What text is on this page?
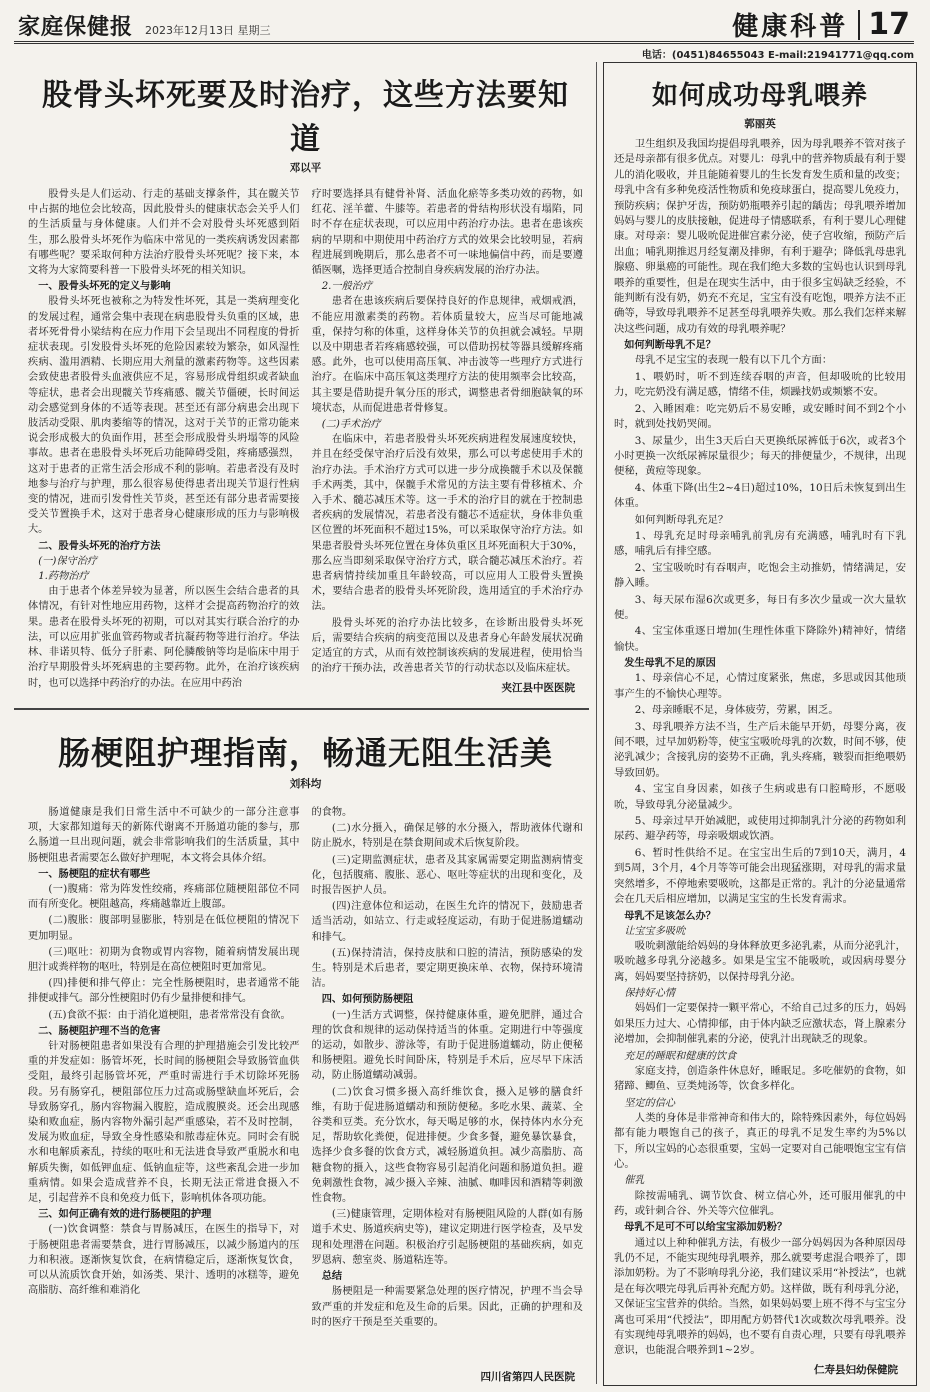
家庭保健报 2023年12月13日 星期三	健康科普 17
电话：(0451)84655043 E-mail:21941771@qq.com
股骨头坏死要及时治疗，这些方法要知道
邓以平
股骨头是人们运动、行走的基础支撑条件，其在髋关节中占据的地位会比较高，因此股骨头的健康状态会关乎人们的生活质量与身体健康。人们并不会对股骨头坏死感到陌生，那么股骨头坏死作为临床中常见的一类疾病诱发因素都有哪些呢？要采取何种方法治疗股骨头坏死呢？接下来，本文将为大家简要科普一下股骨头坏死的相关知识。
一、股骨头坏死的定义与影响
股骨头坏死也被称之为特发性坏死，其是一类病理变化的发展过程，通常会集中表现在病患股骨头负重的区域，患者坏死骨骨小梁结构在应力作用下会呈现出不同程度的骨折症状表现。引发股骨头坏死的危险因素较为繁杂，如风湿性疾病、滥用酒精、长期应用大剂量的激素药物等。这些因素会致使患者股骨头血液供应不足，容易形成骨组织或者缺血等症状，患者会出现髋关节疼痛感、髋关节僵硬，长时间运动会感觉到身体的不适等表现。甚至还有部分病患会出现下肢活动受限、肌肉萎缩等的情况，这对于关节的正常功能来说会形成极大的负面作用，甚至会形成股骨头坍塌等的风险事故。患者在患股骨头坏死后功能障碍受阻，疼痛感强烈，这对于患者的正常生活会形成不利的影响。若患者没有及时地参与治疗与护理，那么很容易使得患者出现关节退行性病变的情况，进而引发骨性关节炎，甚至还有部分患者需要接受关节置换手术，这对于患者身心健康形成的压力与影响极大。
二、股骨头坏死的治疗方法
(一)保守治疗
1.药物治疗
由于患者个体差异较为显著，所以医生会结合患者的具体情况，有针对性地应用药物，这样才会提高药物治疗的效果。患者在股骨头坏死的初期，可以对其实行联合治疗的办法，可以应用扩张血管药物或者抗凝药物等进行治疗。华法林、非诺贝特、低分子肝素、阿伦膦酸钠等均是临床中用于治疗早期股骨头坏死病患的主要药物。此外，在治疗该疾病时，也可以选择中药治疗的办法。在应用中药治
疗时要选择具有健骨补肾、活血化瘀等多类功效的药物，如红花、淫羊藿、牛膝等。若患者的骨结构形状没有塌陷，同时不存在症状表现，可以应用中药治疗办法。患者在患该疾病的早期和中期使用中药治疗方式的效果会比较明显，若病程进展到晚期后，那么患者不可一味地偏信中药，而是要遵循医嘱，选择更适合控制自身疾病发展的治疗办法。
2.一般治疗
患者在患该疾病后要保持良好的作息规律，戒烟戒酒，不能应用激素类的药物。若体质量较大，应当尽可能地减重，保持匀称的体重，这样身体关节的负担就会减轻。早期以及中期患者若疼痛感较强，可以借助拐杖等器具缓解疼痛感。此外，也可以使用高压氧、冲击波等一些理疗方式进行治疗。在临床中高压氧这类理疗方法的使用频率会比较高，其主要是借助提升氧分压的形式，调整患者骨细胞缺氧的环境状态，从而促进患者骨修复。
(二)手术治疗
在临床中，若患者股骨头坏死疾病进程发展速度较快，并且在经受保守治疗后没有效果，那么可以考虑使用手术的治疗办法。手术治疗方式可以进一步分成换髋手术以及保髋手术两类，其中，保髋手术常见的方法主要有骨移植术、介入手术、髓芯减压术等。这一手术的治疗目的就在于控制患者疾病的发展情况，若患者没有髓芯不适症状，身体非负重区位置的坏死面积不超过15%，可以采取保守治疗方法。如果患者股骨头坏死位置在身体负重区且坏死面积大于30%，那么应当即刻采取保守治疗方式，联合髓芯减压术治疗。若患者病情持续加重且年龄较高，可以应用人工股骨头置换术，要结合患者的股骨头坏死阶段，选用适宜的手术治疗办法。
股骨头坏死的治疗办法比较多，在诊断出股骨头坏死后，需要结合疾病的病变范围以及患者身心年龄发展状况确定适宜的方式，从而有效控制该疾病的发展进程，使用恰当的治疗干预办法，改善患者关节的行动状态以及临床症状。
夹江县中医医院
肠梗阻护理指南，畅通无阻生活美
刘科均
肠道健康是我们日常生活中不可缺少的一部分注意事项，大家都知道每天的新陈代谢离不开肠道功能的参与，那么肠道一旦出现问题，就会非常影响我们的生活质量，其中肠梗阻患者需要怎么做好护理呢，本文将会具体介绍。
一、肠梗阻的症状有哪些
(一)腹痛：常为阵发性绞痛，疼痛部位随梗阻部位不同而有所变化。梗阻越高，疼痛越靠近上腹部。
(二)腹胀：腹部明显膨胀，特别是在低位梗阻的情况下更加明显。
(三)呕吐：初期为食物或胃内容物，随着病情发展出现胆汁或粪样物的呕吐，特别是在高位梗阻时更加常见。
(四)排便和排气停止：完全性肠梗阻时，患者通常不能排便或排气。部分性梗阻时仍有少量排便和排气。
(五)食欲不振：由于消化道梗阻，患者常常没有食欲。
二、肠梗阻护理不当的危害
针对肠梗阻患者如果没有合理的护理措施会引发比较严重的并发症如：肠管坏死，长时间的肠梗阻会导致肠管血供受阻，最终引起肠管坏死，严重时需进行手术切除坏死肠段。另有肠穿孔，梗阻部位压力过高或肠壁缺血坏死后，会导致肠穿孔，肠内容物漏入腹腔，造成腹膜炎。还会出现感染和败血症，肠内容物外漏引起严重感染，若不及时控制，发展为败血症，导致全身性感染和脓毒症休克。同时会有脱水和电解质紊乱，持续的呕吐和无法进食导致严重脱水和电解质失衡，如低钾血症、低钠血症等，这些紊乱会进一步加重病情。如果会造成营养不良，长期无法正常进食摄入不足，引起营养不良和免疫力低下，影响机体各项功能。
三、如何正确有效的进行肠梗阻的护理
(一)饮食调整：禁食与胃肠减压，在医生的指导下，对于肠梗阻患者需要禁食，进行胃肠减压，以减少肠道内的压力和积液。逐渐恢复饮食，在病情稳定后，逐渐恢复饮食，可以从流质饮食开始，如汤类、果汁、透明的冰糕等，避免高脂肪、高纤维和难消化
的食物。
(二)水分摄入，确保足够的水分摄入，帮助液体代谢和防止脱水，特别是在禁食期间或术后恢复阶段。
(三)定期监测症状，患者及其家属需要定期监测病情变化，包括腹痛、腹胀、恶心、呕吐等症状的出现和变化，及时报告医护人员。
(四)注意体位和运动，在医生允许的情况下，鼓励患者适当活动，如站立、行走或轻度运动，有助于促进肠道蠕动和排气。
(五)保持清洁，保持皮肤和口腔的清洁，预防感染的发生。特别是术后患者，要定期更换床单、衣物，保持环境清洁。
四、如何预防肠梗阻
(一)生活方式调整，保持健康体重，避免肥胖，通过合理的饮食和规律的运动保持适当的体重。定期进行中等强度的运动，如散步、游泳等，有助于促进肠道蠕动，防止便秘和肠梗阻。避免长时间卧床，特别是手术后，应尽早下床活动，防止肠道蠕动减弱。
(二)饮食习惯多摄入高纤维饮食，摄入足够的膳食纤维，有助于促进肠道蠕动和预防便秘。多吃水果、蔬菜、全谷类和豆类。充分饮水，每天喝足够的水，保持体内水分充足，帮助软化粪便，促进排便。少食多餐，避免暴饮暴食，选择少食多餐的饮食方式，减轻肠道负担。减少高脂肪、高糖食物的摄入，这些食物容易引起消化问题和肠道负担。避免刺激性食物，减少摄入辛辣、油腻、咖啡因和酒精等刺激性食物。
(三)健康管理，定期体检对有肠梗阻风险的人群(如有肠道手术史、肠道疾病史等)，建议定期进行医学检查，及早发现和处理潜在问题。积极治疗引起肠梗阻的基础疾病，如克罗恩病、憩室炎、肠道粘连等。
总结
肠梗阻是一种需要紧急处理的医疗情况，护理不当会导致严重的并发症和危及生命的后果。因此，正确的护理和及时的医疗干预是至关重要的。
四川省第四人民医院
如何成功母乳喂养
郭丽英
卫生组织及我国均提倡母乳喂养，因为母乳喂养不管对孩子还是母亲都有很多优点。对婴儿：母乳中的营养物质最有利于婴儿的消化吸收，并且能随着婴儿的生长发育发生质和量的改变；母乳中含有多种免疫活性物质和免疫球蛋白，提高婴儿免疫力，预防疾病；保护牙齿，预防奶瓶喂养引起的龋齿；母乳喂养增加妈妈与婴儿的皮肤接触，促进母子情感联系，有利于婴儿心理健康。对母亲：婴儿吸吮促进催宫素分泌，使子宫收缩，预防产后出血；哺乳期推迟月经复潮及排卵，有利于避孕；降低乳母患乳腺癌、卵巢癌的可能性。现在我们绝大多数的宝妈也认识到母乳喂养的重要性，但是在现实生活中，由于很多宝妈缺乏经验，不能判断有没有奶，奶充不充足，宝宝有没有吃饱，喂养方法不正确等，导致母乳喂养不足甚至母乳喂养失败。那么我们怎样来解决这些问题，成功有效的母乳喂养呢？
如何判断母乳不足？
母乳不足宝宝的表现一般有以下几个方面：
1、喂奶时，听不到连续吞咽的声音，但却吸吮的比较用力，吃完奶没有满足感，情绪不佳，烦躁找奶或频繁不安。
2、入睡困难：吃完奶后不易安睡，或安睡时间不到2个小时，就到处找奶哭闹。
3、尿量少，出生3天后白天更换纸尿裤低于6次，或者3个小时更换一次纸尿裤尿量很少；每天的排便量少，不规律，出现便秘，黄痘等现象。
4、体重下降(出生2~4日)超过10%，10日后未恢复到出生体重。
如何判断母乳充足？
1、母乳充足时母亲哺乳前乳房有充满感，哺乳时有下乳感，哺乳后有排空感。
2、宝宝吸吮时有吞咽声，吃饱会主动推奶，情绪满足，安静入睡。
3、每天尿布湿6次或更多，每日有多次少量或一次大量软便。
4、宝宝体重逐日增加(生理性体重下降除外)精神好，情绪愉快。
发生母乳不足的原因
1、母亲信心不足，心情过度紧张，焦虑，多思或因其他琐事产生的不愉快心理等。
2、母亲睡眠不足，身体疲劳，劳累，困乏。
3、母乳喂养方法不当，生产后未能早开奶，母婴分离，夜间不喂，过早加奶粉等，使宝宝吸吮母乳的次数，时间不够，使泌乳减少；含接乳房的姿势不正确，乳头疼痛，皲裂而拒绝喂奶导致回奶。
4、宝宝自身因素，如孩子生病或患有口腔畸形，不愿吸吮，导致母乳分泌量减少。
5、母亲过早开始减肥，或使用过抑制乳汁分泌的药物如利尿药、避孕药等，母亲吸烟或饮酒。
6、暂时性供给不足。在宝宝出生后的7到10天，满月，4到5周，3个月，4个月等等可能会出现猛涨期，对母乳的需求量突然增多，不停地索要吸吮，这都是正常的。乳汁的分泌量通常会在几天后相应增加，以满足宝宝的生长发育需求。
母乳不足该怎么办？
让宝宝多吸吮
吸吮刺激能给妈妈的身体释放更多泌乳素，从而分泌乳汁，吸吮越多母乳分泌越多。如果是宝宝不能吸吮，或因病母婴分离，妈妈要坚持挤奶，以保持母乳分泌。
保持好心情
妈妈们一定要保持一颗平常心，不给自己过多的压力，妈妈如果压力过大、心情抑郁，由于体内缺乏应激状态，肾上腺素分泌增加，会抑制催乳素的分泌，使乳汁出现缺乏的现象。
充足的睡眠和健康的饮食
家庭支持，创造条件休息好，睡眠足。多吃催奶的食物，如猪蹄、鲫鱼、豆类炖汤等，饮食多样化。
坚定的信心
人类的身体是非常神奇和伟大的，除特殊因素外，每位妈妈都有能力喂饱自己的孩子，真正的母乳不足发生率约为5%以下，所以宝妈的心态很重要，宝妈一定要对自己能喂饱宝宝有信心。
催乳
除按需哺乳、调节饮食、树立信心外，还可服用催乳的中药，或针刺合谷、外关等穴位催乳。
母乳不足可不可以给宝宝添加奶粉？
通过以上种种催乳方法，有极少一部分妈妈因为各种原因母乳仍不足，不能实现纯母乳喂养，那么就要考虑混合喂养了，即添加奶粉。为了不影响母乳分泌，我们建议采用“补授法”，也就是在每次喂完母乳后再补充配方奶。这样做，既有利母乳分泌，又保证宝宝营养的供给。当然，如果妈妈要上班不得不与宝宝分离也可采用“代授法”，即用配方奶替代1次或数次母乳喂养。没有实现纯母乳喂养的妈妈，也不要有自责心理，只要有母乳喂养意识，也能混合喂养到1~2岁。
仁寿县妇幼保健院
